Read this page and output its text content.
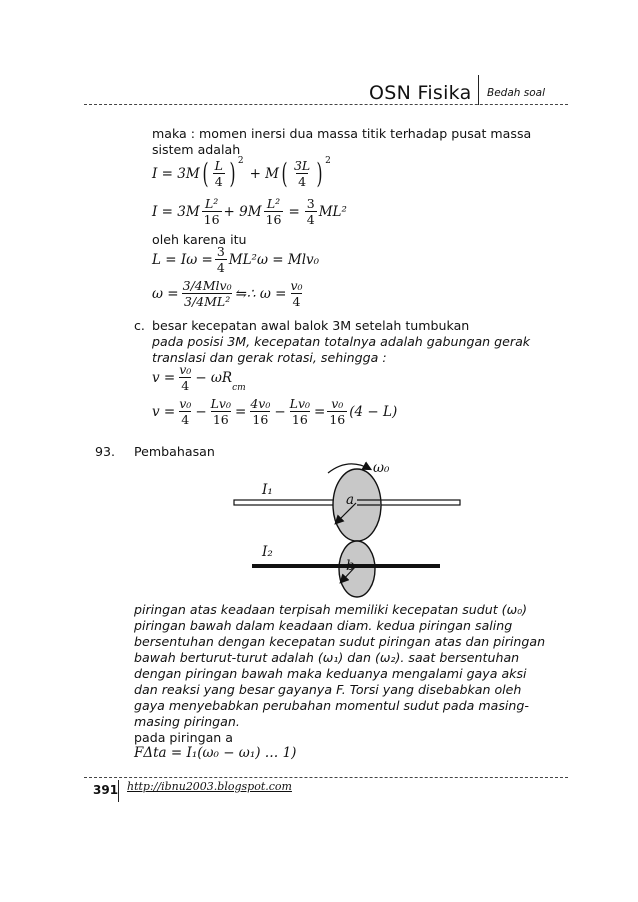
OSN Fisika Bedah soal
maka : momen inersi dua massa titik terhadap pusat massa
sistem adalah
I = 3M ( $\frac{L}{4}$ ) $^2$
+ M ( $\frac{3L}{4}$ ) $^2$
$I = 3M \frac{\text{L²}}{16} + 9M \frac{\text{L²}}{16} = \frac{3}{4} ML^2$
oleh karena itu
$L = I\omega = \frac{3}{4} ML^2\omega = Mlv_0$
$\omega = \frac{\text{3/4Mlv₀}}{\text{3/4ML²}}$ ⇋∴ $\omega = \frac{\text{v₀}}{4}$
c. besar kecepatan awal balok 3M setelah tumbukan
pada posisi 3M, kecepatan totalnya adalah gabungan gerak
translasi dan gerak rotasi, sehingga :
$v = \frac{\text{v₀}}{4} - \omega R$
$_{cm}$
$v = \frac{\text{v₀}}{4} - \frac{\text{Lv₀}}{16} = \frac{\text{4v₀}}{16} - \frac{\text{Lv₀}}{16} = \frac{\text{v₀}}{16} (4 - L)$
93. Pembahasan
ω₀
I₁
a
I₂
b
piringan atas keadaan terpisah memiliki kecepatan sudut (ω₀)
piringan bawah dalam keadaan diam. kedua piringan saling
bersentuhan dengan kecepatan sudut piringan atas dan piringan
bawah berturut-turut adalah (ω₁) dan (ω₂). saat bersentuhan
dengan piringan bawah maka keduanya mengalami gaya aksi
dan reaksi yang besar gayanya F. Torsi yang disebabkan oleh
gaya menyebabkan perubahan momentul sudut pada masing-
masing piringan.
pada piringan a
FΔta = I₁(ω₀ − ω₁) … 1)
391 http://ibnu2003.blogspot.com
